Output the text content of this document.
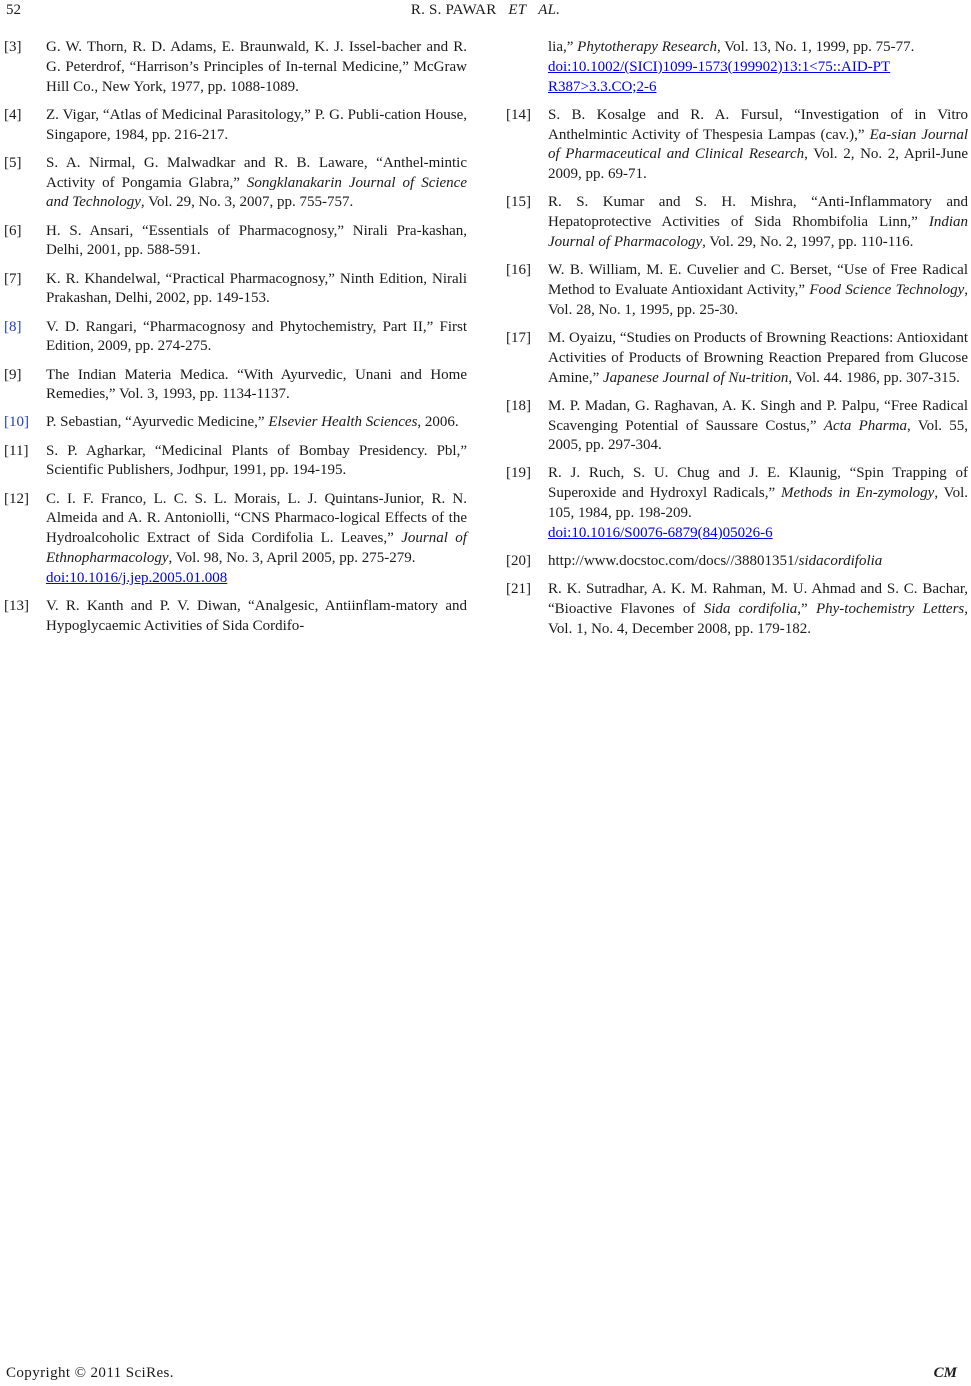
52	R. S. PAWAR ET AL.
[3]	G. W. Thorn, R. D. Adams, E. Braunwald, K. J. Issel-bacher and R. G. Peterdrof, “Harrison’s Principles of In-ternal Medicine,” McGraw Hill Co., New York, 1977, pp. 1088-1089.
[4]	Z. Vigar, “Atlas of Medicinal Parasitology,” P. G. Publi-cation House, Singapore, 1984, pp. 216-217.
[5]	S. A. Nirmal, G. Malwadkar and R. B. Laware, “Anthel-mintic Activity of Pongamia Glabra,” Songklanakarin Journal of Science and Technology, Vol. 29, No. 3, 2007, pp. 755-757.
[6]	H. S. Ansari, “Essentials of Pharmacognosy,” Nirali Pra-kashan, Delhi, 2001, pp. 588-591.
[7]	K. R. Khandelwal, “Practical Pharmacognosy,” Ninth Edition, Nirali Prakashan, Delhi, 2002, pp. 149-153.
[8]	V. D. Rangari, “Pharmacognosy and Phytochemistry, Part II,” First Edition, 2009, pp. 274-275.
[9]	The Indian Materia Medica. “With Ayurvedic, Unani and Home Remedies,” Vol. 3, 1993, pp. 1134-1137.
[10]	P. Sebastian, “Ayurvedic Medicine,” Elsevier Health Sciences, 2006.
[11]	S. P. Agharkar, “Medicinal Plants of Bombay Presidency. Pbl,” Scientific Publishers, Jodhpur, 1991, pp. 194-195.
[12]	C. I. F. Franco, L. C. S. L. Morais, L. J. Quintans-Junior, R. N. Almeida and A. R. Antoniolli, “CNS Pharmaco-logical Effects of the Hydroalcoholic Extract of Sida Cordifolia L. Leaves,” Journal of Ethnopharmacology, Vol. 98, No. 3, April 2005, pp. 275-279.
doi:10.1016/j.jep.2005.01.008
[13]	V. R. Kanth and P. V. Diwan, “Analgesic, Antiinflam-matory and Hypoglycaemic Activities of Sida Cordifo-
lia,” Phytotherapy Research, Vol. 13, No. 1, 1999, pp. 75-77.
doi:10.1002/(SICI)1099-1573(199902)13:1<75::AID-PT R387>3.3.CO;2-6
[14]	S. B. Kosalge and R. A. Fursul, “Investigation of in Vitro Anthelmintic Activity of Thespesia Lampas (cav.),” Ea-sian Journal of Pharmaceutical and Clinical Research, Vol. 2, No. 2, April-June 2009, pp. 69-71.
[15]	R. S. Kumar and S. H. Mishra, “Anti-Inflammatory and Hepatoprotective Activities of Sida Rhombifolia Linn,” Indian Journal of Pharmacology, Vol. 29, No. 2, 1997, pp. 110-116.
[16]	W. B. William, M. E. Cuvelier and C. Berset, “Use of Free Radical Method to Evaluate Antioxidant Activity,” Food Science Technology, Vol. 28, No. 1, 1995, pp. 25-30.
[17]	M. Oyaizu, “Studies on Products of Browning Reactions: Antioxidant Activities of Products of Browning Reaction Prepared from Glucose Amine,” Japanese Journal of Nu-trition, Vol. 44. 1986, pp. 307-315.
[18]	M. P. Madan, G. Raghavan, A. K. Singh and P. Palpu, “Free Radical Scavenging Potential of Saussare Costus,” Acta Pharma, Vol. 55, 2005, pp. 297-304.
[19]	R. J. Ruch, S. U. Chug and J. E. Klaunig, “Spin Trapping of Superoxide and Hydroxyl Radicals,” Methods in En-zymology, Vol. 105, 1984, pp. 198-209.
doi:10.1016/S0076-6879(84)05026-6
[20]	http://www.docstoc.com/docs//38801351/sidacordifolia
[21]	R. K. Sutradhar, A. K. M. Rahman, M. U. Ahmad and S. C. Bachar, “Bioactive Flavones of Sida cordifolia,” Phy-tochemistry Letters, Vol. 1, No. 4, December 2008, pp. 179-182.
Copyright © 2011 SciRes.	CM
